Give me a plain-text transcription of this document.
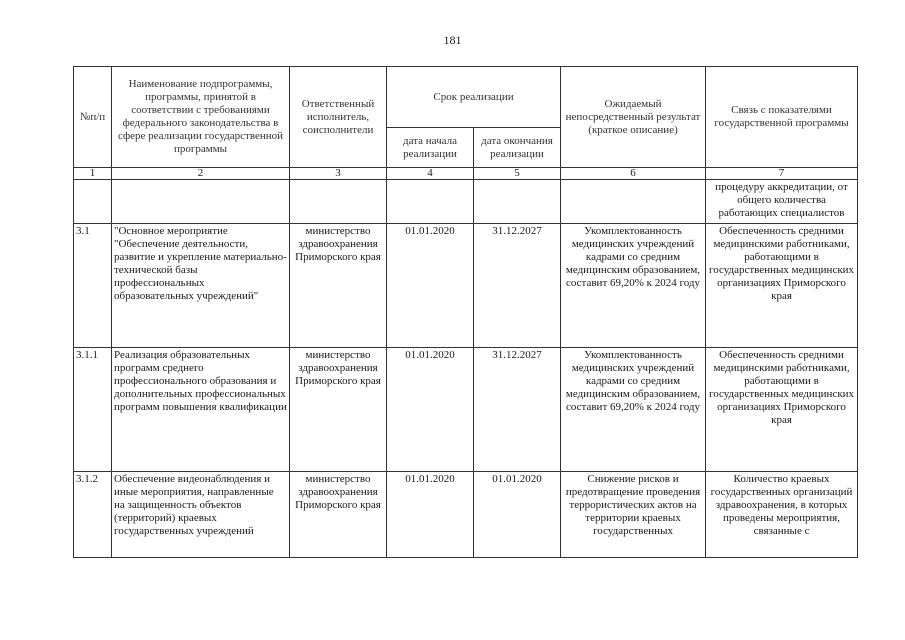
181
№п/п	Наименование подпрограммы, программы, принятой в соответствии с требованиями федерального законодательства в сфере реализации государственной программы	Ответственный исполнитель, соисполнители	Срок реализации		Ожидаемый непосредственный результат (краткое описание)	Связь с показателями государственной программы
			дата начала реализации	дата окончания реализации		
1	2	3	4	5	6	7
						процедуру аккредитации, от общего количества работающих специалистов
3.1	"Основное мероприятие "Обеспечение деятельности, развитие и укрепление материально-технической базы профессиональных образовательных учреждений"	министерство здравоохранения Приморского края	01.01.2020	31.12.2027	Укомплектованность медицинских учреждений кадрами со средним медицинским образованием, составит 69,20% к 2024 году	Обеспеченность средними медицинскими работниками, работающими в государственных медицинских организациях Приморского края
3.1.1	Реализация образовательных программ среднего профессионального образования и дополнительных профессиональных программ повышения квалификации	министерство здравоохранения Приморского края	01.01.2020	31.12.2027	Укомплектованность медицинских учреждений кадрами со средним медицинским образованием, составит 69,20% к 2024 году	Обеспеченность средними медицинскими работниками, работающими в государственных медицинских организациях Приморского края
3.1.2	Обеспечение видеонаблюдения и иные мероприятия, направленные на защищенность объектов (территорий) краевых государственных учреждений	министерство здравоохранения Приморского края	01.01.2020	01.01.2020	Снижение рисков и предотвращение проведения террористических актов на территории краевых государственных	Количество краевых государственных организаций здравоохранения, в которых проведены мероприятия, связанные с
